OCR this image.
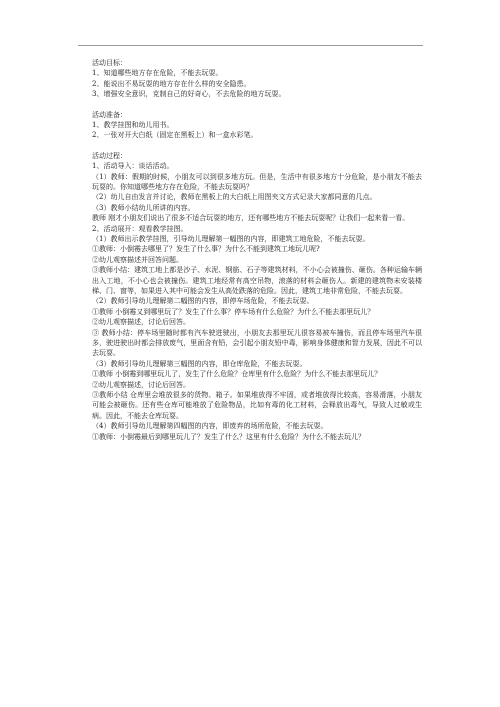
活动目标：
1、知道哪些地方存在危险，不能去玩耍。
2、能说出不易玩耍的地方存在什么样的安全隐患。
3、增强安全意识，克制自己的好奇心，不去危险的地方玩耍。
活动准备：
1、教学挂图和幼儿用书。
2、一张对开大白纸（固定在黑板上）和一盒水彩笔。
活动过程：
1、活动导入：谈话活动。
（1）教师：假期的时候，小朋友可以到很多地方玩。但是，生活中有很多地方十分危险，是小朋友不能去玩耍的。你知道哪些地方存在危险，不能去玩耍吗？
（2）幼儿自由发言并讨论，教师在黑板上的大白纸上用图夹文方式记录大家都同意的几点。
（3）教师小结幼儿所讲的内容。
教师 刚才小朋友们说出了很多不适合玩耍的地方，还有哪些地方不能去玩耍呢？让我们一起来看一看。
2、活动展开：观看教学挂图。
（1）教师出示教学挂图，引导幼儿理解第一幅图的内容，即建筑工地危险，不能去玩耍。
①教师：小倒霉去哪里了？发生了什么事？为什么不能到建筑工地玩儿呢?
②幼儿观察描述并回答问题。
③教师小结：建筑工地上都是沙子、水泥、钢筋、石子等建筑材料，不小心会被撞伤、砸伤。各种运输车辆出入工地，不小心也会被撞伤。建筑工地经常有高空吊物，滚落的材料会砸伤人。新建的建筑物未安装楼梯、门、窗等，如果进入其中可能会发生从高处跌落的危险。因此，建筑工地非常危险，不能去玩耍。
（2）教师引导幼儿理解第二幅图的内容，即停车场危险，不能去玩耍。
①教师 小倒霉又到哪里玩了？发生了什么事？停车场有什么危险？为什么不能去那里玩儿？
②幼儿观察描述，讨论后回答。
③ 教师小结：停车场里随时都有汽车驶进驶出，小朋友去那里玩儿很容易被车撞伤，而且停车场里汽车很多，驶进驶出时都会排放废气，里面含有铅，会引起小朋友铅中毒，影响身体健康和智力发展，因此不可以去玩耍。
（3）教师引导幼儿理解第三幅图的内容，即仓库危险，不能去玩耍。
①教师 小倒霉到哪里玩儿了，发生了什么危险？仓库里有什么危险？为什么不能去那里玩儿？
②幼儿观察描述，讨论后回答。
③教师小结 仓库里会堆放很多的货物、箱子。如果堆放得不牢固，或者堆放得比较高，容易滑落，小朋友可能会被砸伤。还有些仓库可能堆放了危险物品，比如有毒的化工材料，会释放出毒气，导致人过敏或生病。因此，不能去仓库玩耍。
（4）教师引导幼儿理解第四幅图的内容，即废弃的场所危险，不能去玩耍。
①教师：小倒霉最后到哪里玩儿了？发生了什么？这里有什么危险？为什么不能去玩儿？
